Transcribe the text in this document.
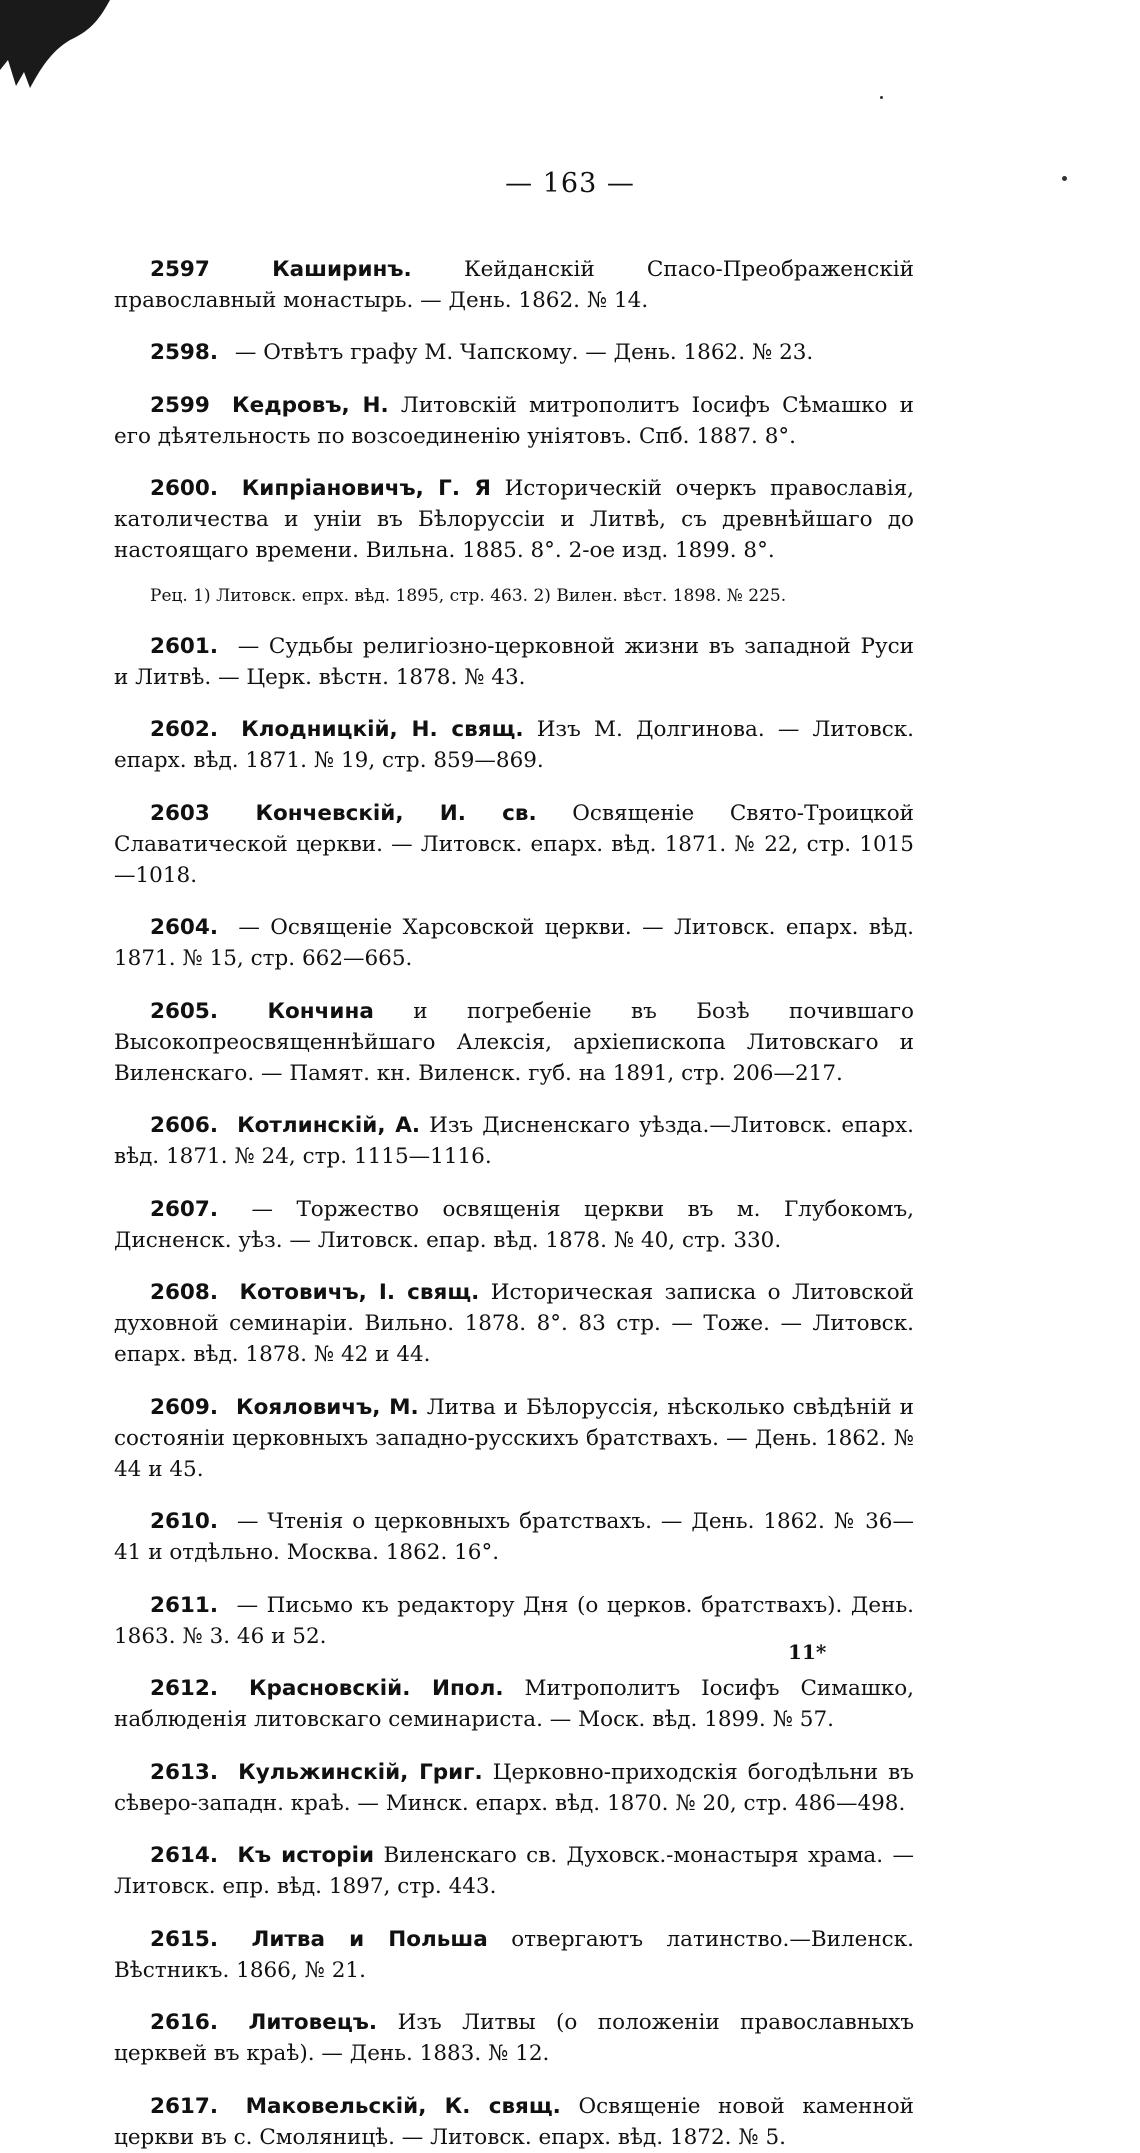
— 163 —

2597	Каширинъ. Кейданскій Спасо-Преображенскій православный монастырь. — День. 1862. № 14.

2598. — Отвѣтъ графу М. Чапскому. — День. 1862. № 23.

2599 Кедровъ, Н. Литовскій митрополитъ Іосифъ Сѣмашко и его дѣятельность по возсоединенію уніятовъ. Спб. 1887. 8°.

2600. Кипріановичъ, Г. Я Историческій очеркъ православія, католичества и уніи въ Бѣлоруссіи и Литвѣ, съ древнѣйшаго до настоящаго времени. Вильна. 1885. 8°. 2-ое изд. 1899. 8°.

Рец. 1) Литовск. епрх. вѣд. 1895, стр. 463. 2) Вилен. вѣст. 1898. № 225.

2601. — Судьбы религіозно-церковной жизни въ западной Руси и Литвѣ. — Церк. вѣстн. 1878. № 43.

2602. Клодницкій, Н. свящ. Изъ М. Долгинова. — Литовск. епарх. вѣд. 1871. № 19, стр. 859—869.

2603 Кончевскій, И. св. Освященіе Свято-Троицкой Славатической церкви. — Литовск. епарх. вѣд. 1871. № 22, стр. 1015—1018.

2604. — Освященіе Харсовской церкви. — Литовск. епарх. вѣд. 1871. № 15, стр. 662—665.

2605. Кончина и погребеніе въ Бозѣ почившаго Высокопреосвященнѣйшаго Алексія, архіепископа Литовскаго и Виленскаго. — Памят. кн. Виленск. губ. на 1891, стр. 206—217.

2606. Котлинскій, А. Изъ Дисненскаго уѣзда.—Литовск. епарх. вѣд. 1871. № 24, стр. 1115—1116.

2607. — Торжество освященія церкви въ м. Глубокомъ, Дисненск. уѣз. — Литовск. епар. вѣд. 1878. № 40, стр. 330.

2608. Котовичъ, I. свящ. Историческая записка о Литовской духовной семинаріи. Вильно. 1878. 8°. 83 стр. — Тоже. — Литовск. епарх. вѣд. 1878. № 42 и 44.

2609. Кояловичъ, М. Литва и Бѣлоруссія, нѣсколько свѣдѣній и состояніи церковныхъ западно-русскихъ братствахъ. — День. 1862. № 44 и 45.

2610. — Чтенія о церковныхъ братствахъ. — День. 1862. № 36—41 и отдѣльно. Москва. 1862. 16°.

2611. — Письмо къ редактору Дня (о церков. братствахъ). День. 1863. № 3. 46 и 52.

2612. Красновскій. Ипол. Митрополитъ Іосифъ Симашко, наблюденія литовскаго семинариста. — Моск. вѣд. 1899. № 57.

2613. Кульжинскій, Григ. Церковно-приходскія богодѣльни въ сѣверо-западн. краѣ. — Минск. епарх. вѣд. 1870. № 20, стр. 486—498.

2614. Къ исторіи Виленскаго св. Духовск.-монастыря храма. — Литовск. епр. вѣд. 1897, стр. 443.

2615. Литва и Польша отвергаютъ латинство.—Виленск. Вѣстникъ. 1866, № 21.

2616. Литовецъ. Изъ Литвы (о положеніи православныхъ церквей въ краѣ). — День. 1883. № 12.

2617. Маковельскій, К. свящ. Освященіе новой каменной церкви въ с. Смоляницѣ. — Литовск. епарх. вѣд. 1872. № 5.

11*
